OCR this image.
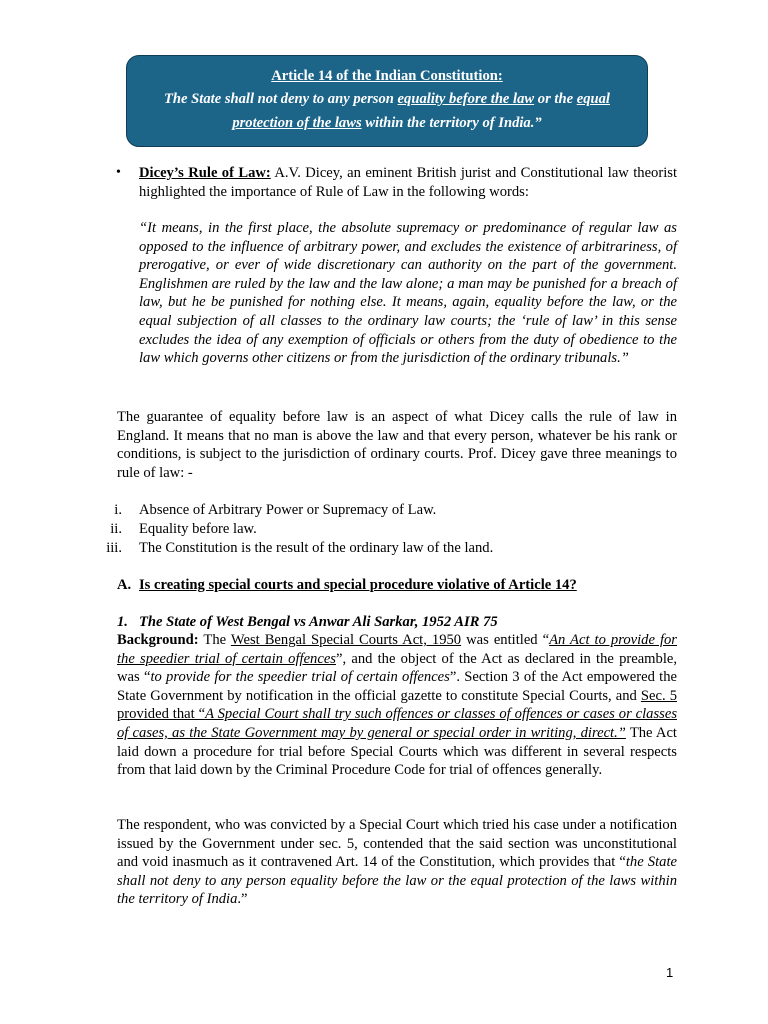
Article 14 of the Indian Constitution:
The State shall not deny to any person equality before the law or the equal protection of the laws within the territory of India.”
• Dicey’s Rule of Law: A.V. Dicey, an eminent British jurist and Constitutional law theorist highlighted the importance of Rule of Law in the following words:
“It means, in the first place, the absolute supremacy or predominance of regular law as opposed to the influence of arbitrary power, and excludes the existence of arbitrariness, of prerogative, or ever of wide discretionary can authority on the part of the government. Englishmen are ruled by the law and the law alone; a man may be punished for a breach of law, but he be punished for nothing else. It means, again, equality before the law, or the equal subjection of all classes to the ordinary law courts; the ‘rule of law’ in this sense excludes the idea of any exemption of officials or others from the duty of obedience to the law which governs other citizens or from the jurisdiction of the ordinary tribunals.”
The guarantee of equality before law is an aspect of what Dicey calls the rule of law in England. It means that no man is above the law and that every person, whatever be his rank or conditions, is subject to the jurisdiction of ordinary courts. Prof. Dicey gave three meanings to rule of law: -
i. Absence of Arbitrary Power or Supremacy of Law.
ii. Equality before law.
iii. The Constitution is the result of the ordinary law of the land.
A. Is creating special courts and special procedure violative of Article 14?
1. The State of West Bengal vs Anwar Ali Sarkar, 1952 AIR 75
Background: The West Bengal Special Courts Act, 1950 was entitled “An Act to provide for the speedier trial of certain offences”, and the object of the Act as declared in the preamble, was “to provide for the speedier trial of certain offences”. Section 3 of the Act empowered the State Government by notification in the official gazette to constitute Special Courts, and Sec. 5 provided that “A Special Court shall try such offences or classes of offences or cases or classes of cases, as the State Government may by general or special order in writing, direct.” The Act laid down a procedure for trial before Special Courts which was different in several respects from that laid down by the Criminal Procedure Code for trial of offences generally.
The respondent, who was convicted by a Special Court which tried his case under a notification issued by the Government under sec. 5, contended that the said section was unconstitutional and void inasmuch as it contravened Art. 14 of the Constitution, which provides that “the State shall not deny to any person equality before the law or the equal protection of the laws within the territory of India.”
1
